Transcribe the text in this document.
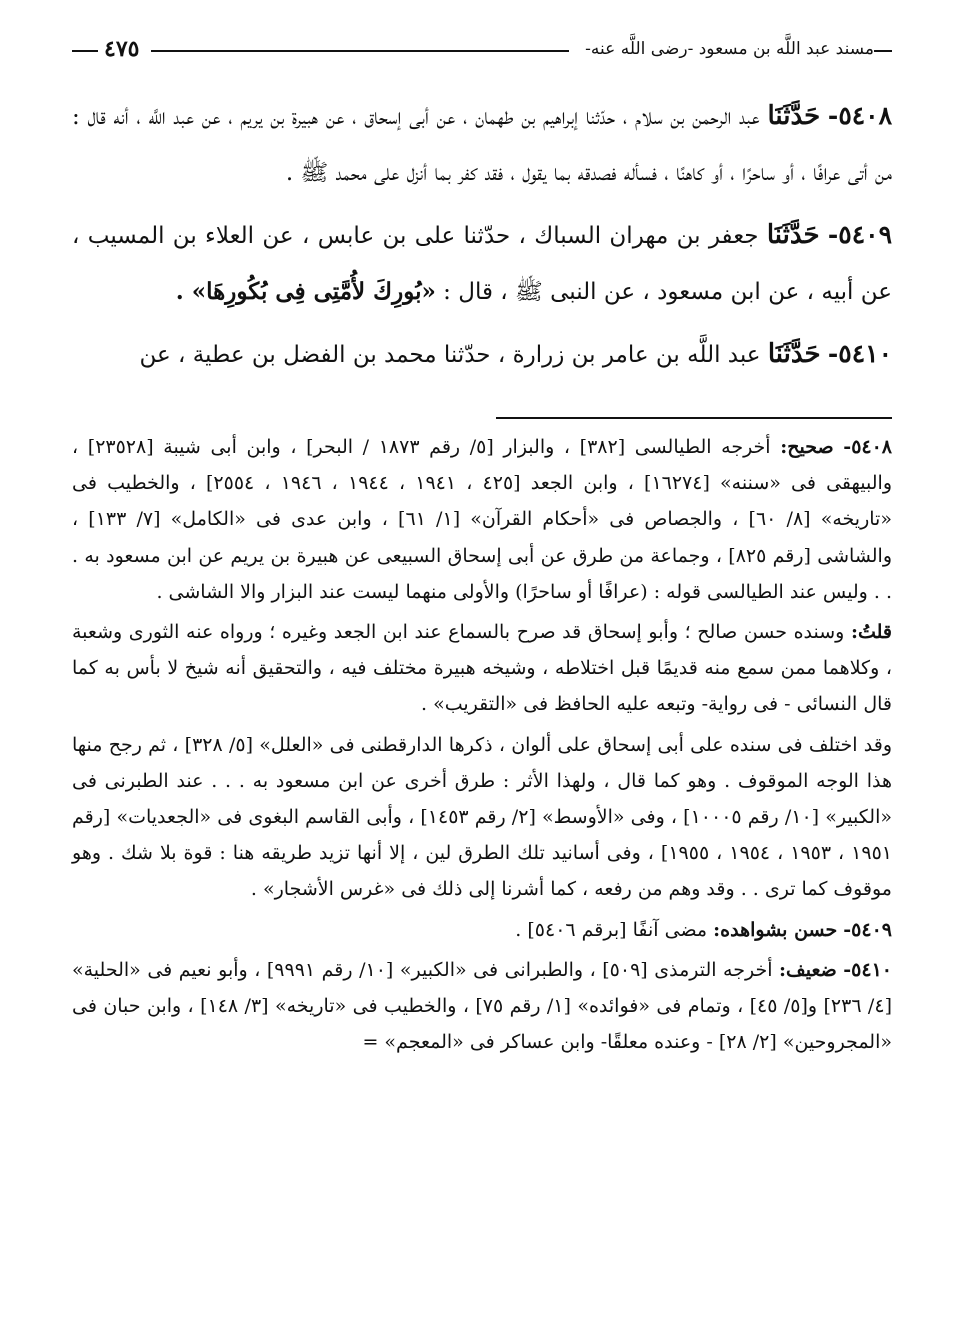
مسند عبد اللَّه بن مسعود -رضى اللَّه عنه-
٤٧٥

٥٤٠٨- حَدَّثَنَا عبد الرحمن بن سلام ، حدّثنا إبراهيم بن طهمان ، عن أبى إسحاق ، عن هبيرة بن يريم ، عن عبد اللَّه ، أنه قال : من أتى عرافًا ، أو ساحرًا ، أو كاهنًا ، فسأله فصدقه بما يقول ، فقد كفر بما أنزل على محمد ﷺ .

٥٤٠٩- حَدَّثَنَا جعفر بن مهران السباك ، حدّثنا على بن عابس ، عن العلاء بن المسيب ، عن أبيه ، عن ابن مسعود ، عن النبى ﷺ ، قال : «بُورِكَ لأُمَّتِى فِى بُكُورِهَا» .

٥٤١٠- حَدَّثَنَا عبد اللَّه بن عامر بن زرارة ، حدّثنا محمد بن الفضل بن عطية ، عن

٥٤٠٨- صحيح: أخرجه الطيالسى [٣٨٢] ، والبزار [٥/ رقم ١٨٧٣ / البحر] ، وابن أبى شيبة [٢٣٥٢٨] ، والبيهقى فى «سننه» [١٦٢٧٤] ، وابن الجعد [٤٢٥ ، ١٩٤١ ، ١٩٤٤ ، ١٩٤٦ ، ٢٥٥٤] ، والخطيب فى «تاريخه» [٨/ ٦٠] ، والجصاص فى «أحكام القرآن» [١/ ٦١] ، وابن عدى فى «الكامل» [٧/ ١٣٣] ، والشاشى [رقم ٨٢٥] ، وجماعة من طرق عن أبى إسحاق السبيعى عن هبيرة بن يريم عن ابن مسعود به . . . وليس عند الطيالسى قوله : (عرافًا أو ساحرًا) والأولى منهما ليست عند البزار والا الشاشى .

قلتُ: وسنده حسن صالح ؛ وأبو إسحاق قد صرح بالسماع عند ابن الجعد وغيره ؛ ورواه عنه الثورى وشعبة ، وكلاهما ممن سمع منه قديمًا قبل اختلاطه ، وشيخه هبيرة مختلف فيه ، والتحقيق أنه شيخ لا بأس به كما قال النسائى - فى رواية- وتبعه عليه الحافظ فى «التقريب» .

وقد اختلف فى سنده على أبى إسحاق على ألوان ، ذكرها الدارقطنى فى «العلل» [٥/ ٣٢٨] ، ثم رجح منها هذا الوجه الموقوف . وهو كما قال ، ولهذا الأثر : طرق أخرى عن ابن مسعود به . . . عند الطبرنى فى «الكبير» [١٠/ رقم ١٠٠٠٥] ، وفى «الأوسط» [٢/ رقم ١٤٥٣] ، وأبى القاسم البغوى فى «الجعديات» [رقم ١٩٥١ ، ١٩٥٣ ، ١٩٥٤ ، ١٩٥٥] ، وفى أسانيد تلك الطرق لين ، إلا أنها تزيد طريقه هنا : قوة بلا شك . وهو موقوف كما ترى . . وقد وهم من رفعه ، كما أشرنا إلى ذلك فى «غرس الأشجار» .

٥٤٠٩- حسن بشواهده: مضى آنفًا [برقم ٥٤٠٦] .

٥٤١٠- ضعيف: أخرجه الترمذى [٥٠٩] ، والطبرانى فى «الكبير» [١٠/ رقم ٩٩٩١] ، وأبو نعيم فى «الحلية» [٤/ ٢٣٦] و[٥/ ٤٥] ، وتمام فى «فوائده» [١/ رقم ٧٥] ، والخطيب فى «تاريخه» [٣/ ١٤٨] ، وابن حبان فى «المجروحين» [٢/ ٢٨] - وعنده معلقًا- وابن عساكر فى «المعجم» =
